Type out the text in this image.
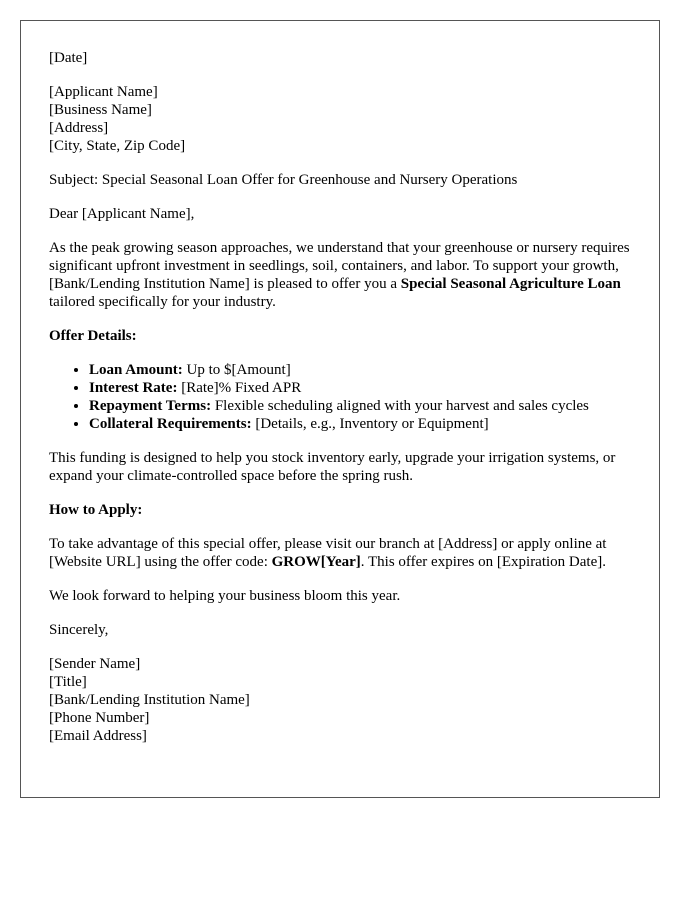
[Date]

[Applicant Name]
[Business Name]
[Address]
[City, State, Zip Code]

Subject: Special Seasonal Loan Offer for Greenhouse and Nursery Operations

Dear [Applicant Name],

As the peak growing season approaches, we understand that your greenhouse or nursery requires significant upfront investment in seedlings, soil, containers, and labor. To support your growth, [Bank/Lending Institution Name] is pleased to offer you a Special Seasonal Agriculture Loan tailored specifically for your industry.

Offer Details:

• Loan Amount: Up to $[Amount]
• Interest Rate: [Rate]% Fixed APR
• Repayment Terms: Flexible scheduling aligned with your harvest and sales cycles
• Collateral Requirements: [Details, e.g., Inventory or Equipment]

This funding is designed to help you stock inventory early, upgrade your irrigation systems, or expand your climate-controlled space before the spring rush.

How to Apply:

To take advantage of this special offer, please visit our branch at [Address] or apply online at [Website URL] using the offer code: GROW[Year]. This offer expires on [Expiration Date].

We look forward to helping your business bloom this year.

Sincerely,

[Sender Name]
[Title]
[Bank/Lending Institution Name]
[Phone Number]
[Email Address]
